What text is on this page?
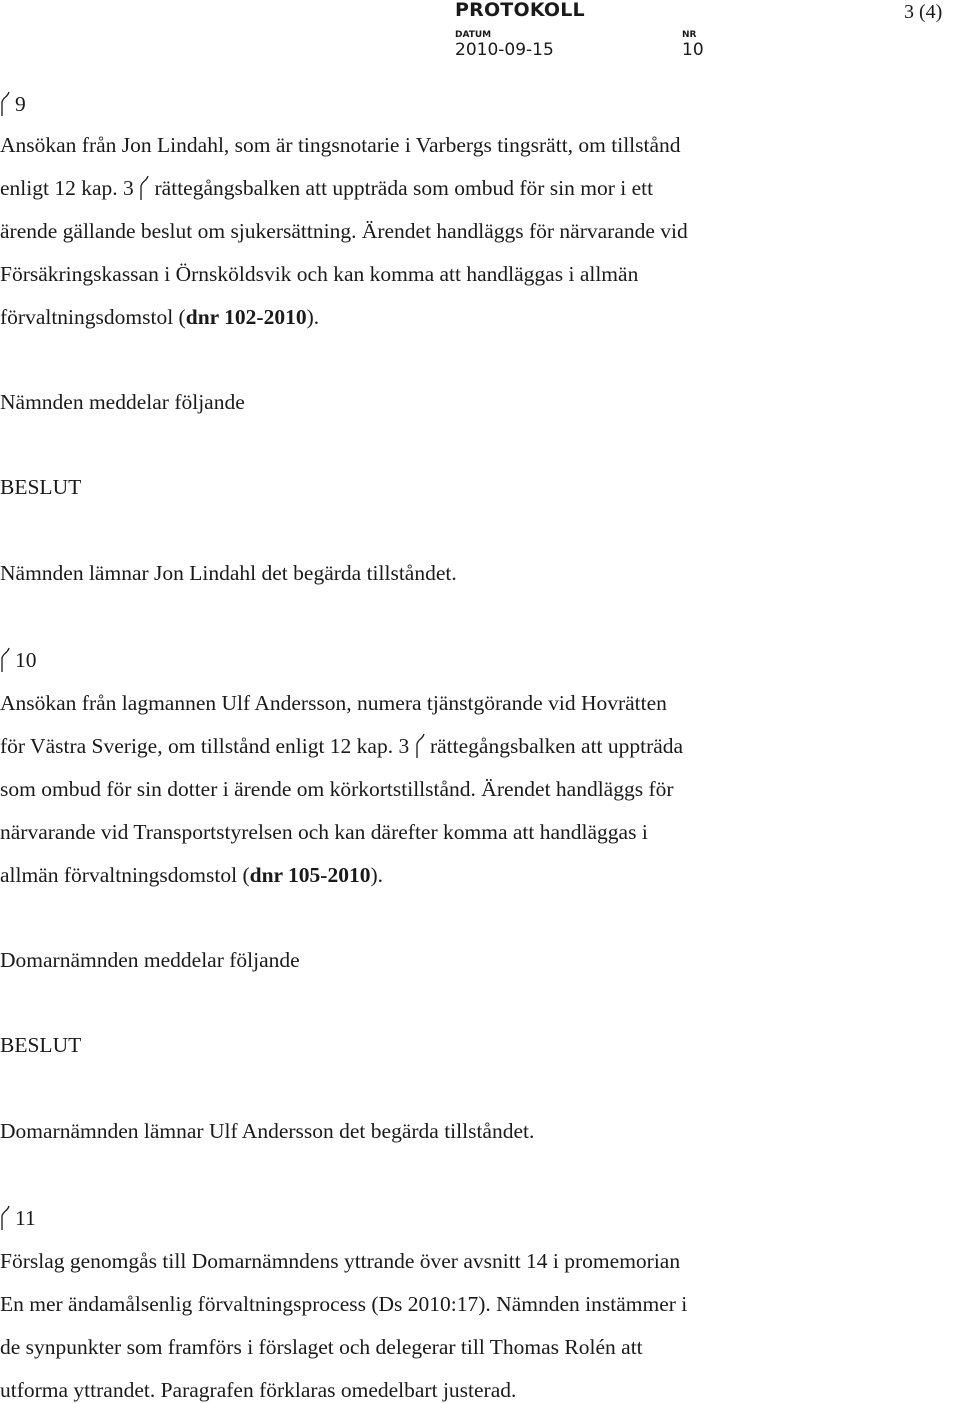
PROTOKOLL	3 (4)
DATUM
2010-09-15
NR
10
9
Ansökan från Jon Lindahl, som är tingsnotarie i Varbergs tingsrätt, om tillstånd
enligt 12 kap. 3  rättegångsbalken att uppträda som ombud för sin mor i ett
ärende gällande beslut om sjukersättning. Ärendet handläggs för närvarande vid
Försäkringskassan i Örnsköldsvik och kan komma att handläggas i allmän
förvaltningsdomstol (dnr 102-2010).
Nämnden meddelar följande
BESLUT
Nämnden lämnar Jon Lindahl det begärda tillståndet.
10
Ansökan från lagmannen Ulf Andersson, numera tjänstgörande vid Hovrätten
för Västra Sverige, om tillstånd enligt 12 kap. 3  rättegångsbalken att uppträda
som ombud för sin dotter i ärende om körkortstillstånd. Ärendet handläggs för
närvarande vid Transportstyrelsen och kan därefter komma att handläggas i
allmän förvaltningsdomstol (dnr 105-2010).
Domarnämnden meddelar följande
BESLUT
Domarnämnden lämnar Ulf Andersson det begärda tillståndet.
11
Förslag genomgås till Domarnämndens yttrande över avsnitt 14 i promemorian
En mer ändamålsenlig förvaltningsprocess (Ds 2010:17). Nämnden instämmer i
de synpunkter som framförs i förslaget och delegerar till Thomas Rolén att
utforma yttrandet. Paragrafen förklaras omedelbart justerad.
